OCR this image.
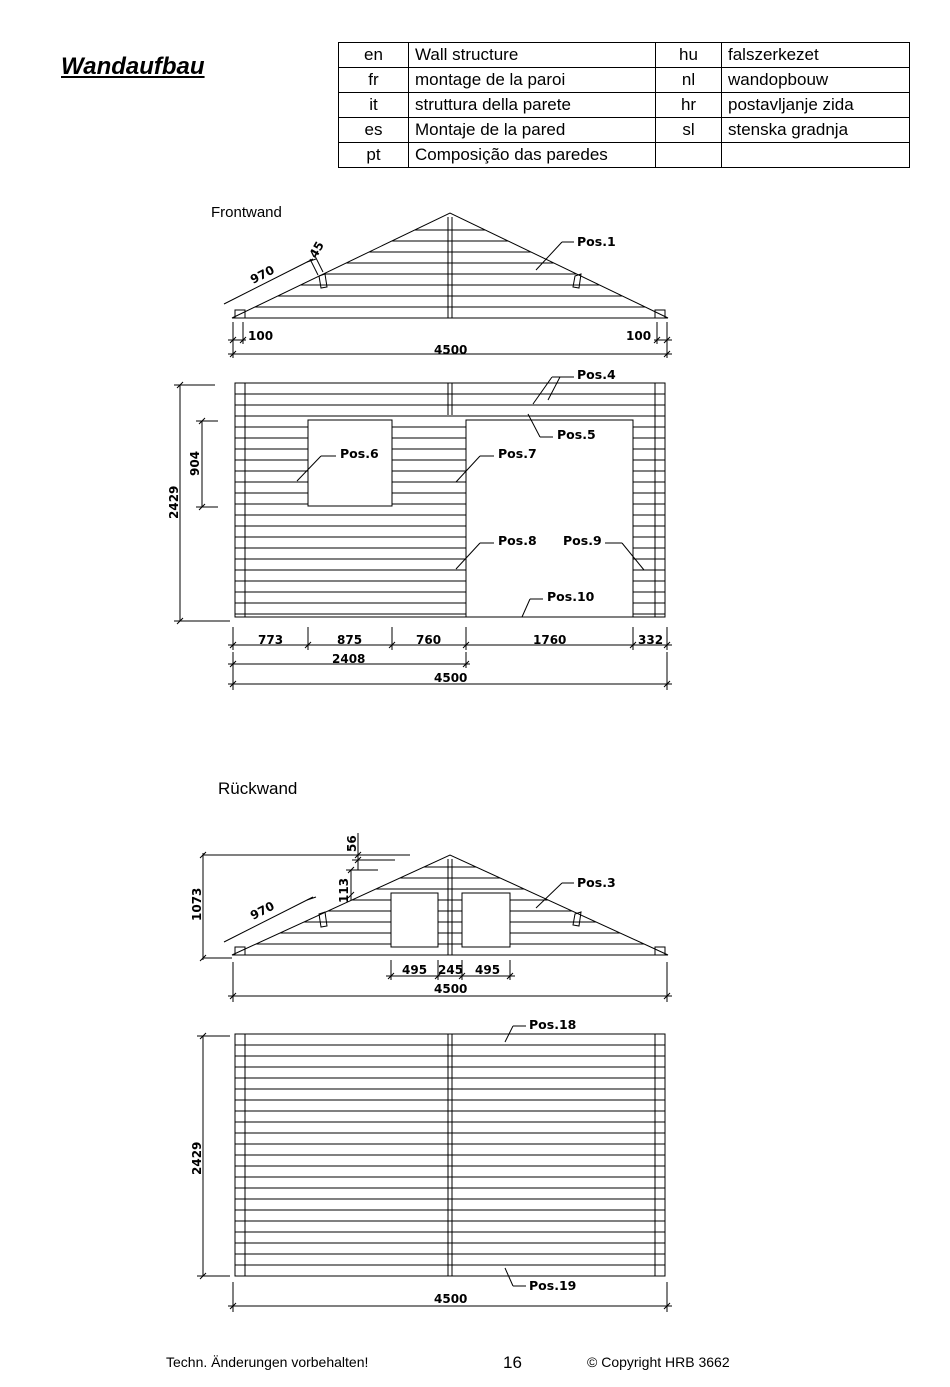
Wandaufbau	en	Wall structure	hu	falszerkezet
fr	montage de la paroi	nl	wandopbouw
it	struttura della parete	hr	postavljanje zida
es	Montaje de la pared	sl	stenska gradnja
pt	Composição das paredes		
Frontwand
Rückwand
100	100
4500
970
45	Pos.1
Pos.4
Pos.5
Pos.6	Pos.7
Pos.8 Pos.9
Pos.10
2429
904
773	875	760	1760	332
2408
4500
1073
56
113
970
Pos.3
495 245 495
4500
Pos.18
Pos.19
2429
4500
Techn. Änderungen vorbehalten!	16	© Copyright HRB 3662
